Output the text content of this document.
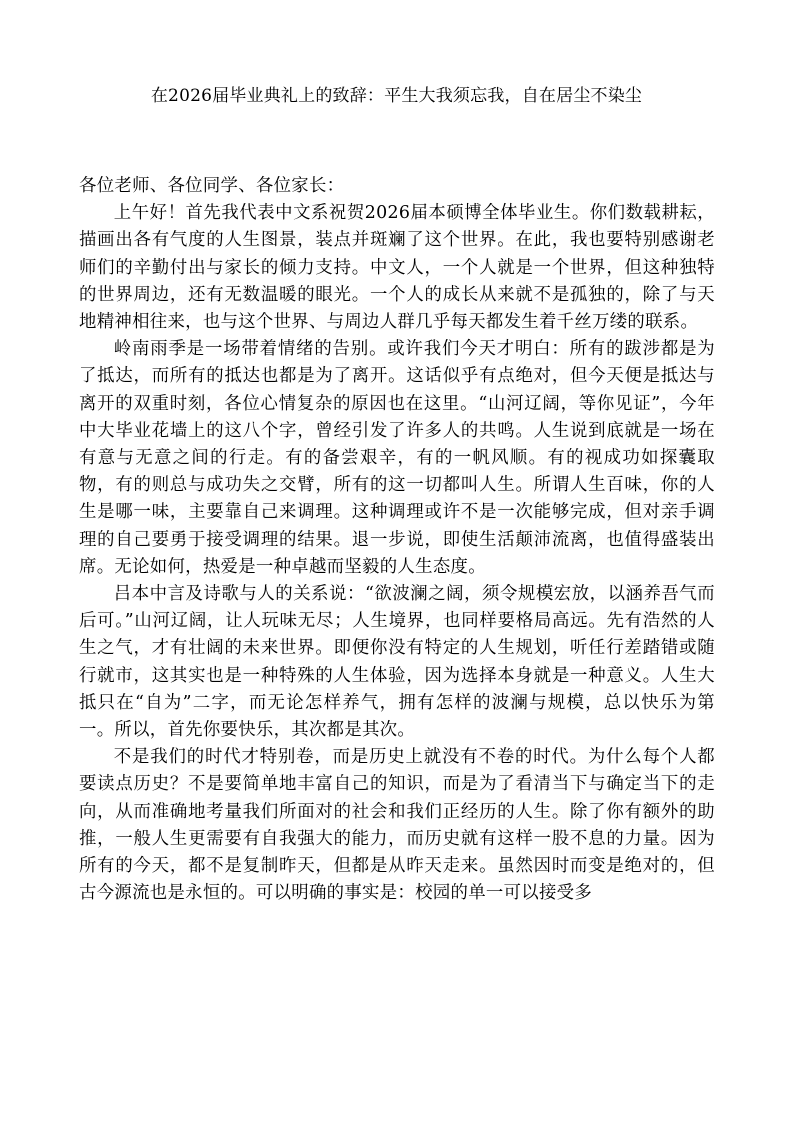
在2026届毕业典礼上的致辞：平生大我须忘我，自在居尘不染尘

各位老师、各位同学、各位家长：

上午好！首先我代表中文系祝贺2026届本硕博全体毕业生。你们数载耕耘，描画出各有气度的人生图景，装点并斑斓了这个世界。在此，我也要特别感谢老师们的辛勤付出与家长的倾力支持。中文人，一个人就是一个世界，但这种独特的世界周边，还有无数温暖的眼光。一个人的成长从来就不是孤独的，除了与天地精神相往来，也与这个世界、与周边人群几乎每天都发生着千丝万缕的联系。

岭南雨季是一场带着情绪的告别。或许我们今天才明白：所有的跋涉都是为了抵达，而所有的抵达也都是为了离开。这话似乎有点绝对，但今天便是抵达与离开的双重时刻，各位心情复杂的原因也在这里。“山河辽阔，等你见证”，今年中大毕业花墙上的这八个字，曾经引发了许多人的共鸣。人生说到底就是一场在有意与无意之间的行走。有的备尝艰辛，有的一帆风顺。有的视成功如探囊取物，有的则总与成功失之交臂，所有的这一切都叫人生。所谓人生百味，你的人生是哪一味，主要靠自己来调理。这种调理或许不是一次能够完成，但对亲手调理的自己要勇于接受调理的结果。退一步说，即使生活颠沛流离，也值得盛装出席。无论如何，热爱是一种卓越而坚毅的人生态度。

吕本中言及诗歌与人的关系说：“欲波澜之阔，须令规模宏放，以涵养吾气而后可。”山河辽阔，让人玩味无尽；人生境界，也同样要格局高远。先有浩然的人生之气，才有壮阔的未来世界。即便你没有特定的人生规划，听任行差踏错或随行就市，这其实也是一种特殊的人生体验，因为选择本身就是一种意义。人生大抵只在“自为”二字，而无论怎样养气，拥有怎样的波澜与规模，总以快乐为第一。所以，首先你要快乐，其次都是其次。

不是我们的时代才特别卷，而是历史上就没有不卷的时代。为什么每个人都要读点历史？不是要简单地丰富自己的知识，而是为了看清当下与确定当下的走向，从而准确地考量我们所面对的社会和我们正经历的人生。除了你有额外的助推，一般人生更需要有自我强大的能力，而历史就有这样一股不息的力量。因为所有的今天，都不是复制昨天，但都是从昨天走来。虽然因时而变是绝对的，但古今源流也是永恒的。可以明确的事实是：校园的单一可以接受多
